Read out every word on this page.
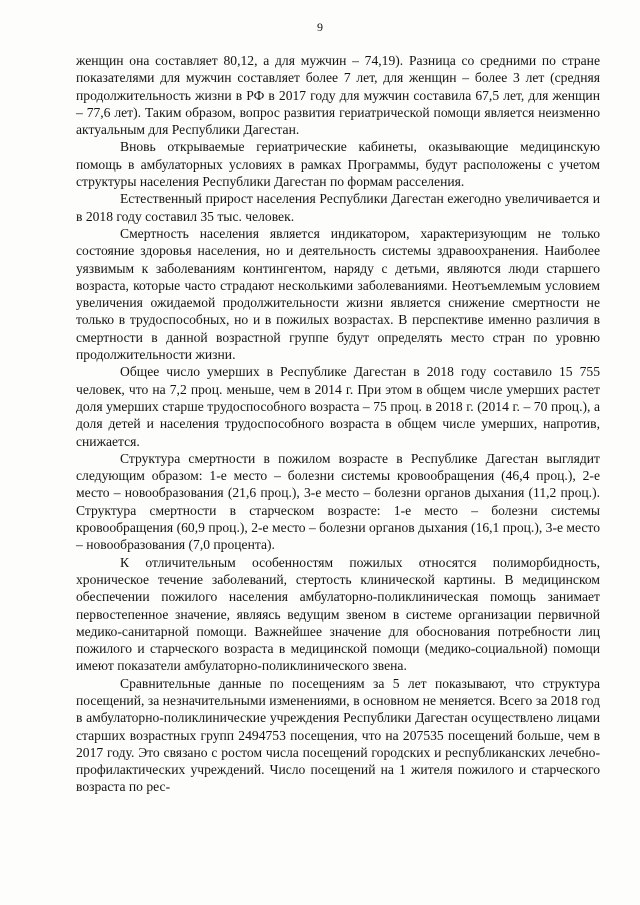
9

женщин она составляет 80,12, а для мужчин – 74,19). Разница со средними по стране показателями для мужчин составляет более 7 лет, для женщин – более 3 лет (средняя продолжительность жизни в РФ в 2017 году для мужчин составила 67,5 лет, для женщин – 77,6 лет). Таким образом, вопрос развития гериатрической помощи является неизменно актуальным для Республики Дагестан.

Вновь открываемые гериатрические кабинеты, оказывающие медицинскую помощь в амбулаторных условиях в рамках Программы, будут расположены с учетом структуры населения Республики Дагестан по формам расселения.

Естественный прирост населения Республики Дагестан ежегодно увеличивается и в 2018 году составил 35 тыс. человек.

Смертность населения является индикатором, характеризующим не только состояние здоровья населения, но и деятельность системы здравоохранения. Наиболее уязвимым к заболеваниям контингентом, наряду с детьми, являются люди старшего возраста, которые часто страдают несколькими заболеваниями. Неотъемлемым условием увеличения ожидаемой продолжительности жизни является снижение смертности не только в трудоспособных, но и в пожилых возрастах. В перспективе именно различия в смертности в данной возрастной группе будут определять место стран по уровню продолжительности жизни.

Общее число умерших в Республике Дагестан в 2018 году составило 15 755 человек, что на 7,2 проц. меньше, чем в 2014 г. При этом в общем числе умерших растет доля умерших старше трудоспособного возраста – 75 проц. в 2018 г. (2014 г. – 70 проц.), а доля детей и населения трудоспособного возраста в общем числе умерших, напротив, снижается.

Структура смертности в пожилом возрасте в Республике Дагестан выглядит следующим образом: 1-е место – болезни системы кровообращения (46,4 проц.), 2-е место – новообразования (21,6 проц.), 3-е место – болезни органов дыхания (11,2 проц.). Структура смертности в старческом возрасте: 1-е место – болезни системы кровообращения (60,9 проц.), 2-е место – болезни органов дыхания (16,1 проц.), 3-е место – новообразования (7,0 процента).

К отличительным особенностям пожилых относятся полиморбидность, хроническое течение заболеваний, стертость клинической картины. В медицинском обеспечении пожилого населения амбулаторно-поликлиническая помощь занимает первостепенное значение, являясь ведущим звеном в системе организации первичной медико-санитарной помощи. Важнейшее значение для обоснования потребности лиц пожилого и старческого возраста в медицинской помощи (медико-социальной) помощи имеют показатели амбулаторно-поликлинического звена.

Сравнительные данные по посещениям за 5 лет показывают, что структура посещений, за незначительными изменениями, в основном не меняется. Всего за 2018 год в амбулаторно-поликлинические учреждения Республики Дагестан осуществлено лицами старших возрастных групп 2494753 посещения, что на 207535 посещений больше, чем в 2017 году. Это связано с ростом числа посещений городских и республиканских лечебно-профилактических учреждений. Число посещений на 1 жителя пожилого и старческого возраста по рес-
